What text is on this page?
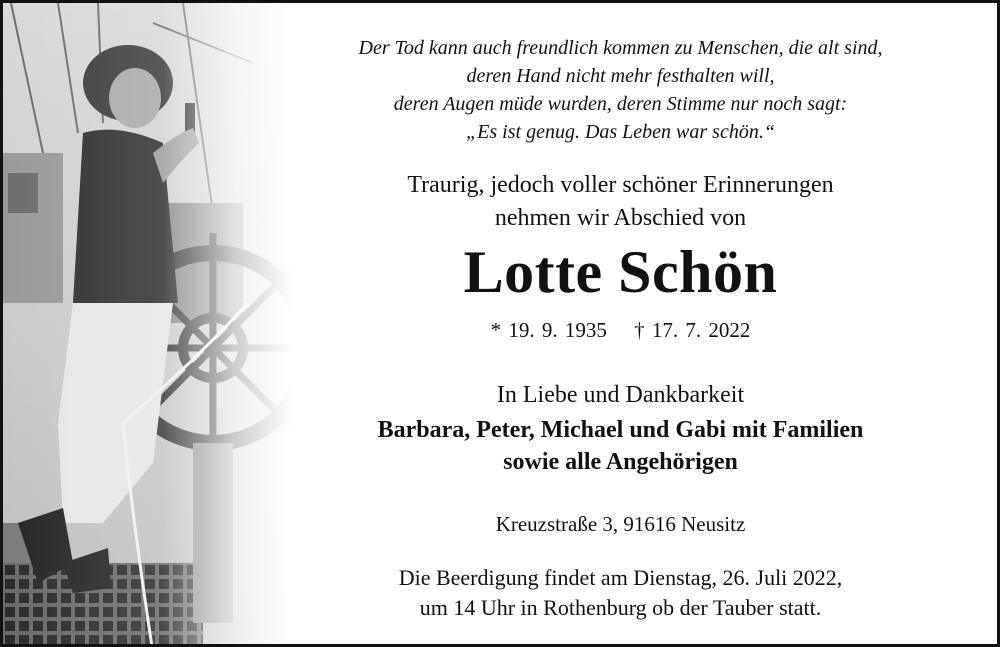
Der Tod kann auch freundlich kommen zu Menschen, die alt sind,
deren Hand nicht mehr festhalten will,
deren Augen müde wurden, deren Stimme nur noch sagt:
„Es ist genug. Das Leben war schön.“
Traurig, jedoch voller schöner Erinnerungen
nehmen wir Abschied von
Lotte Schön
* 19. 9. 1935 † 17. 7. 2022
In Liebe und Dankbarkeit
Barbara, Peter, Michael und Gabi mit Familien
sowie alle Angehörigen
Kreuzstraße 3, 91616 Neusitz
Die Beerdigung findet am Dienstag, 26. Juli 2022,
um 14 Uhr in Rothenburg ob der Tauber statt.
